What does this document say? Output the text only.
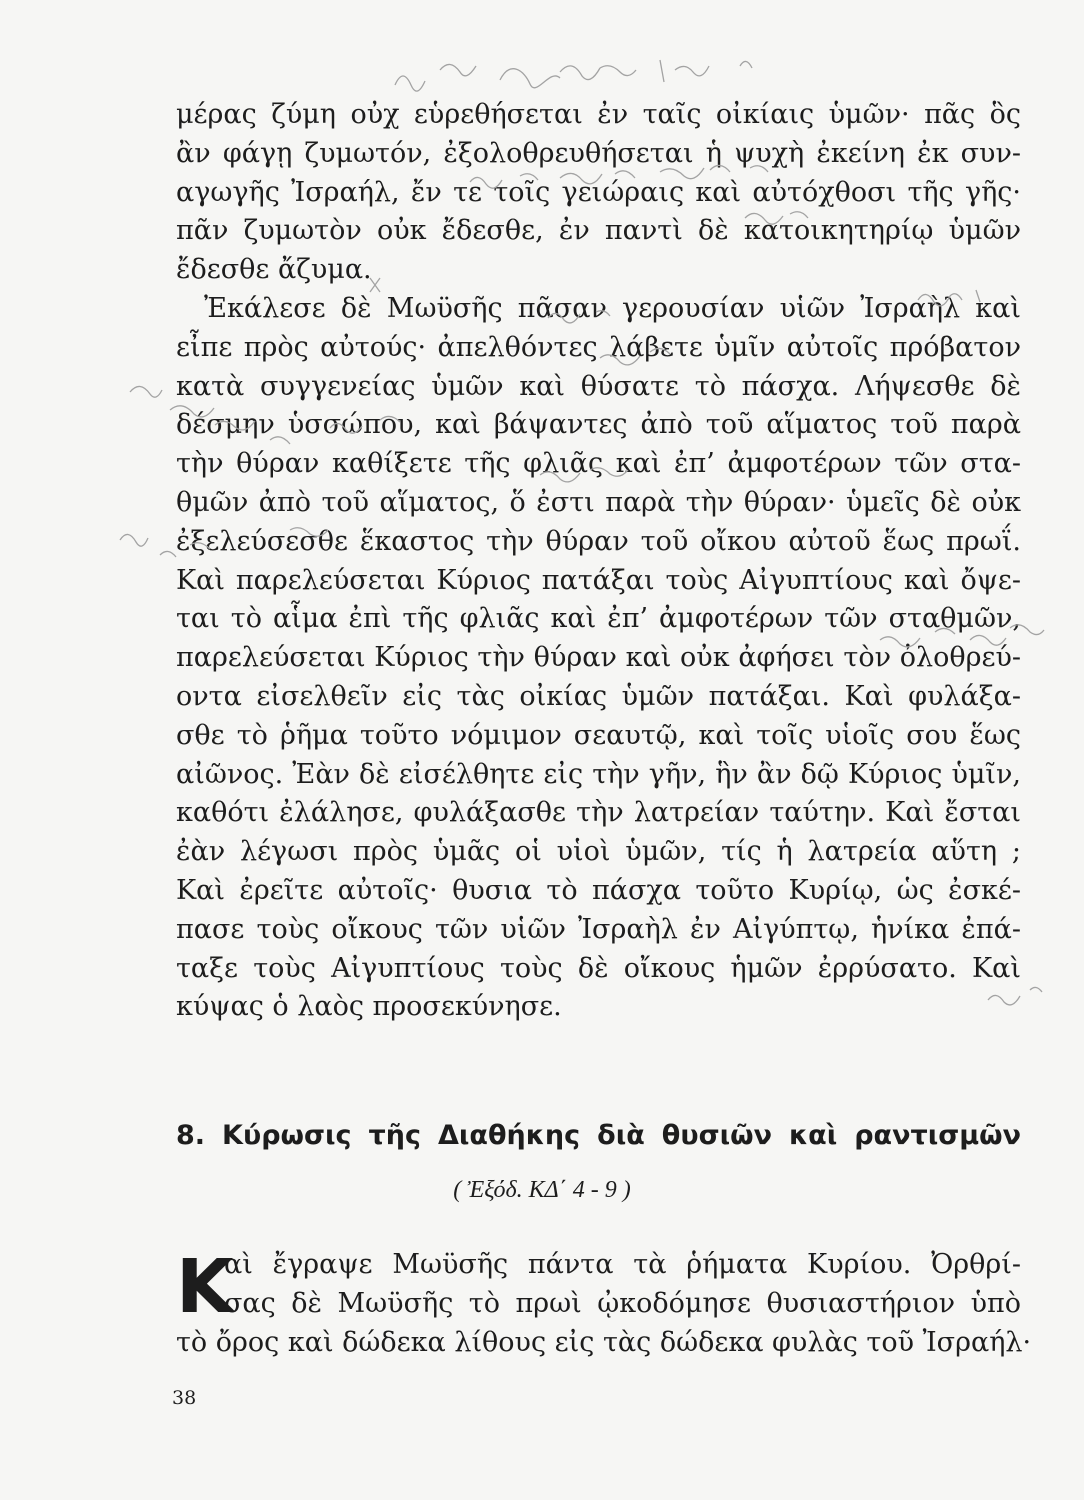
μέρας ζύμη οὐχ εὑρεθήσεται ἐν ταῖς οἰκίαις ὑμῶν· πᾶς ὃς
ἂν φάγῃ ζυμωτόν, ἐξολοθρευθήσεται ἡ ψυχὴ ἐκείνη ἐκ συν-
αγωγῆς Ἰσραήλ, ἔν τε τοῖς γειώραις καὶ αὐτόχθοσι τῆς γῆς·
πᾶν ζυμωτὸν οὐκ ἔδεσθε, ἐν παντὶ δὲ κατοικητηρίῳ ὑμῶν
ἔδεσθε ἄζυμα.
Ἐκάλεσε δὲ Μωϋσῆς πᾶσαν γερουσίαν υἱῶν Ἰσραὴλ καὶ
εἶπε πρὸς αὐτούς· ἀπελθόντες λάβετε ὑμῖν αὐτοῖς πρόβατον
κατὰ συγγενείας ὑμῶν καὶ θύσατε τὸ πάσχα. Λήψεσθε δὲ
δέσμην ὑσσώπου, καὶ βάψαντες ἀπὸ τοῦ αἵματος τοῦ παρὰ
τὴν θύραν καθίξετε τῆς φλιᾶς καὶ ἐπ’ ἀμφοτέρων τῶν στα-
θμῶν ἀπὸ τοῦ αἵματος, ὅ ἐστι παρὰ τὴν θύραν· ὑμεῖς δὲ οὐκ
ἐξελεύσεσθε ἕκαστος τὴν θύραν τοῦ οἴκου αὐτοῦ ἕως πρωΐ.
Καὶ παρελεύσεται Κύριος πατάξαι τοὺς Αἰγυπτίους καὶ ὄψε-
ται τὸ αἷμα ἐπὶ τῆς φλιᾶς καὶ ἐπ’ ἀμφοτέρων τῶν σταθμῶν,
παρελεύσεται Κύριος τὴν θύραν καὶ οὐκ ἀφήσει τὸν ὀλοθρεύ-
οντα εἰσελθεῖν εἰς τὰς οἰκίας ὑμῶν πατάξαι. Καὶ φυλάξα-
σθε τὸ ῥῆμα τοῦτο νόμιμον σεαυτῷ, καὶ τοῖς υἱοῖς σου ἕως
αἰῶνος. Ἐὰν δὲ εἰσέλθητε εἰς τὴν γῆν, ἣν ἂν δῷ Κύριος ὑμῖν,
καθότι ἐλάλησε, φυλάξασθε τὴν λατρείαν ταύτην. Καὶ ἔσται
ἐὰν λέγωσι πρὸς ὑμᾶς οἱ υἱοὶ ὑμῶν, τίς ἡ λατρεία αὕτη ;
Καὶ ἐρεῖτε αὐτοῖς· θυσια τὸ πάσχα τοῦτο Κυρίῳ, ὡς ἐσκέ-
πασε τοὺς οἴκους τῶν υἱῶν Ἰσραὴλ ἐν Αἰγύπτῳ, ἡνίκα ἐπά-
ταξε τοὺς Αἰγυπτίους τοὺς δὲ οἴκους ἡμῶν ἐρρύσατο. Καὶ
κύψας ὁ λαὸς προσεκύνησε.
8. Κύρωσις τῆς Διαθήκης διὰ θυσιῶν καὶ ραντισμῶν
( Ἐξόδ. ΚΔ΄ 4 - 9 )
Κ
αὶ ἔγραψε Μωϋσῆς πάντα τὰ ῥήματα Κυρίου. Ὀρθρί-
σας δὲ Μωϋσῆς τὸ πρωὶ ᾠκοδόμησε θυσιαστήριον ὑπὸ
τὸ ὄρος καὶ δώδεκα λίθους εἰς τὰς δώδεκα φυλὰς τοῦ Ἰσραήλ·
38
